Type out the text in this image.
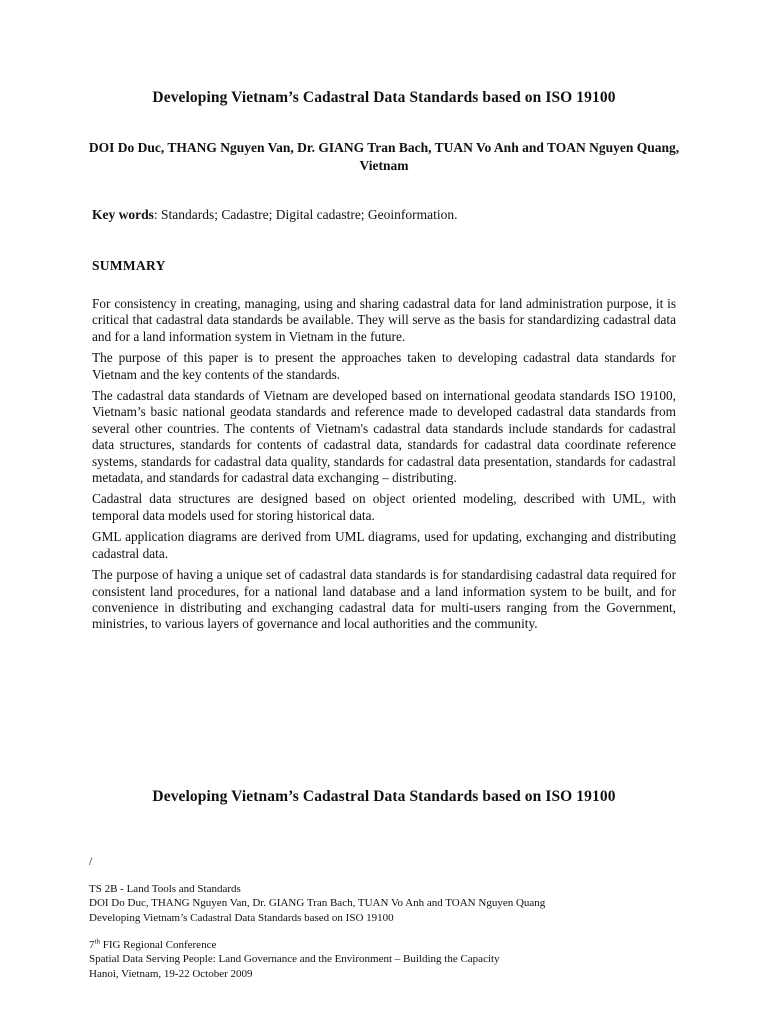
Developing Vietnam’s Cadastral Data Standards based on ISO 19100
DOI Do Duc, THANG Nguyen Van, Dr. GIANG Tran Bach, TUAN Vo Anh and TOAN Nguyen Quang, Vietnam
Key words: Standards; Cadastre; Digital cadastre; Geoinformation.
SUMMARY

For consistency in creating, managing, using and sharing cadastral data for land administration purpose, it is critical that cadastral data standards be available. They will serve as the basis for standardizing cadastral data and for a land information system in Vietnam in the future.

The purpose of this paper is to present the approaches taken to developing cadastral data standards for Vietnam and the key contents of the standards.

The cadastral data standards of Vietnam are developed based on international geodata standards ISO 19100, Vietnam’s basic national geodata standards and reference made to developed cadastral data standards from several other countries. The contents of Vietnam's cadastral data standards include standards for cadastral data structures, standards for contents of cadastral data, standards for cadastral data coordinate reference systems, standards for cadastral data quality, standards for cadastral data presentation, standards for cadastral metadata, and standards for cadastral data exchanging – distributing.

Cadastral data structures are designed based on object oriented modeling, described with UML, with temporal data models used for storing historical data.

GML application diagrams are derived from UML diagrams, used for updating, exchanging and distributing cadastral data.

The purpose of having a unique set of cadastral data standards is for standardising cadastral data required for consistent land procedures, for a national land database and a land information system to be built, and for convenience in distributing and exchanging cadastral data for multi-users ranging from the Government, ministries, to various layers of governance and local authorities and the community.

Developing Vietnam’s Cadastral Data Standards based on ISO 19100
/
TS 2B - Land Tools and Standards
DOI Do Duc, THANG Nguyen Van, Dr. GIANG Tran Bach, TUAN Vo Anh and TOAN Nguyen Quang
Developing Vietnam’s Cadastral Data Standards based on ISO 19100
7th FIG Regional Conference
Spatial Data Serving People: Land Governance and the Environment – Building the Capacity
Hanoi, Vietnam, 19-22 October 2009
